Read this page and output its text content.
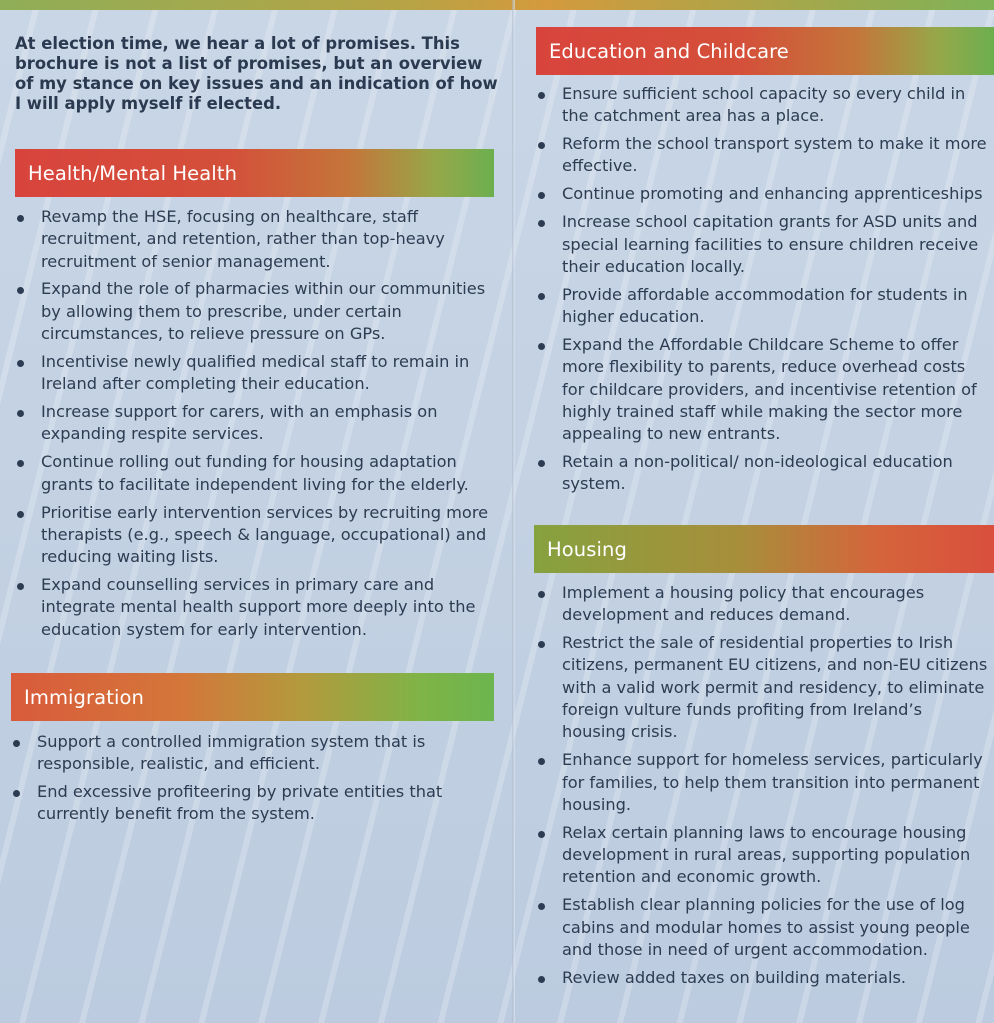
At election time, we hear a lot of promises. This brochure is not a list of promises, but an overview of my stance on key issues and an indication of how I will apply myself if elected.

Health/Mental Health
Revamp the HSE, focusing on healthcare, staff recruitment, and retention, rather than top-heavy recruitment of senior management.
Expand the role of pharmacies within our communities by allowing them to prescribe, under certain circumstances, to relieve pressure on GPs.
Incentivise newly qualified medical staff to remain in Ireland after completing their education.
Increase support for carers, with an emphasis on expanding respite services.
Continue rolling out funding for housing adaptation grants to facilitate independent living for the elderly.
Prioritise early intervention services by recruiting more therapists (e.g., speech & language, occupational) and reducing waiting lists.
Expand counselling services in primary care and integrate mental health support more deeply into the education system for early intervention.
Immigration
Support a controlled immigration system that is responsible, realistic, and efficient.
End excessive profiteering by private entities that currently benefit from the system.
Education and Childcare
Ensure sufficient school capacity so every child in the catchment area has a place.
Reform the school transport system to make it more effective.
Continue promoting and enhancing apprenticeships
Increase school capitation grants for ASD units and special learning facilities to ensure children receive their education locally.
Provide affordable accommodation for students in higher education.
Expand the Affordable Childcare Scheme to offer more flexibility to parents, reduce overhead costs for childcare providers, and incentivise retention of highly trained staff while making the sector more appealing to new entrants.
Retain a non-political/ non-ideological education system.
Housing
Implement a housing policy that encourages development and reduces demand.
Restrict the sale of residential properties to Irish citizens, permanent EU citizens, and non-EU citizens with a valid work permit and residency, to eliminate foreign vulture funds profiting from Ireland’s housing crisis.
Enhance support for homeless services, particularly for families, to help them transition into permanent housing.
Relax certain planning laws to encourage housing development in rural areas, supporting population retention and economic growth.
Establish clear planning policies for the use of log cabins and modular homes to assist young people and those in need of urgent accommodation.
Review added taxes on building materials.
